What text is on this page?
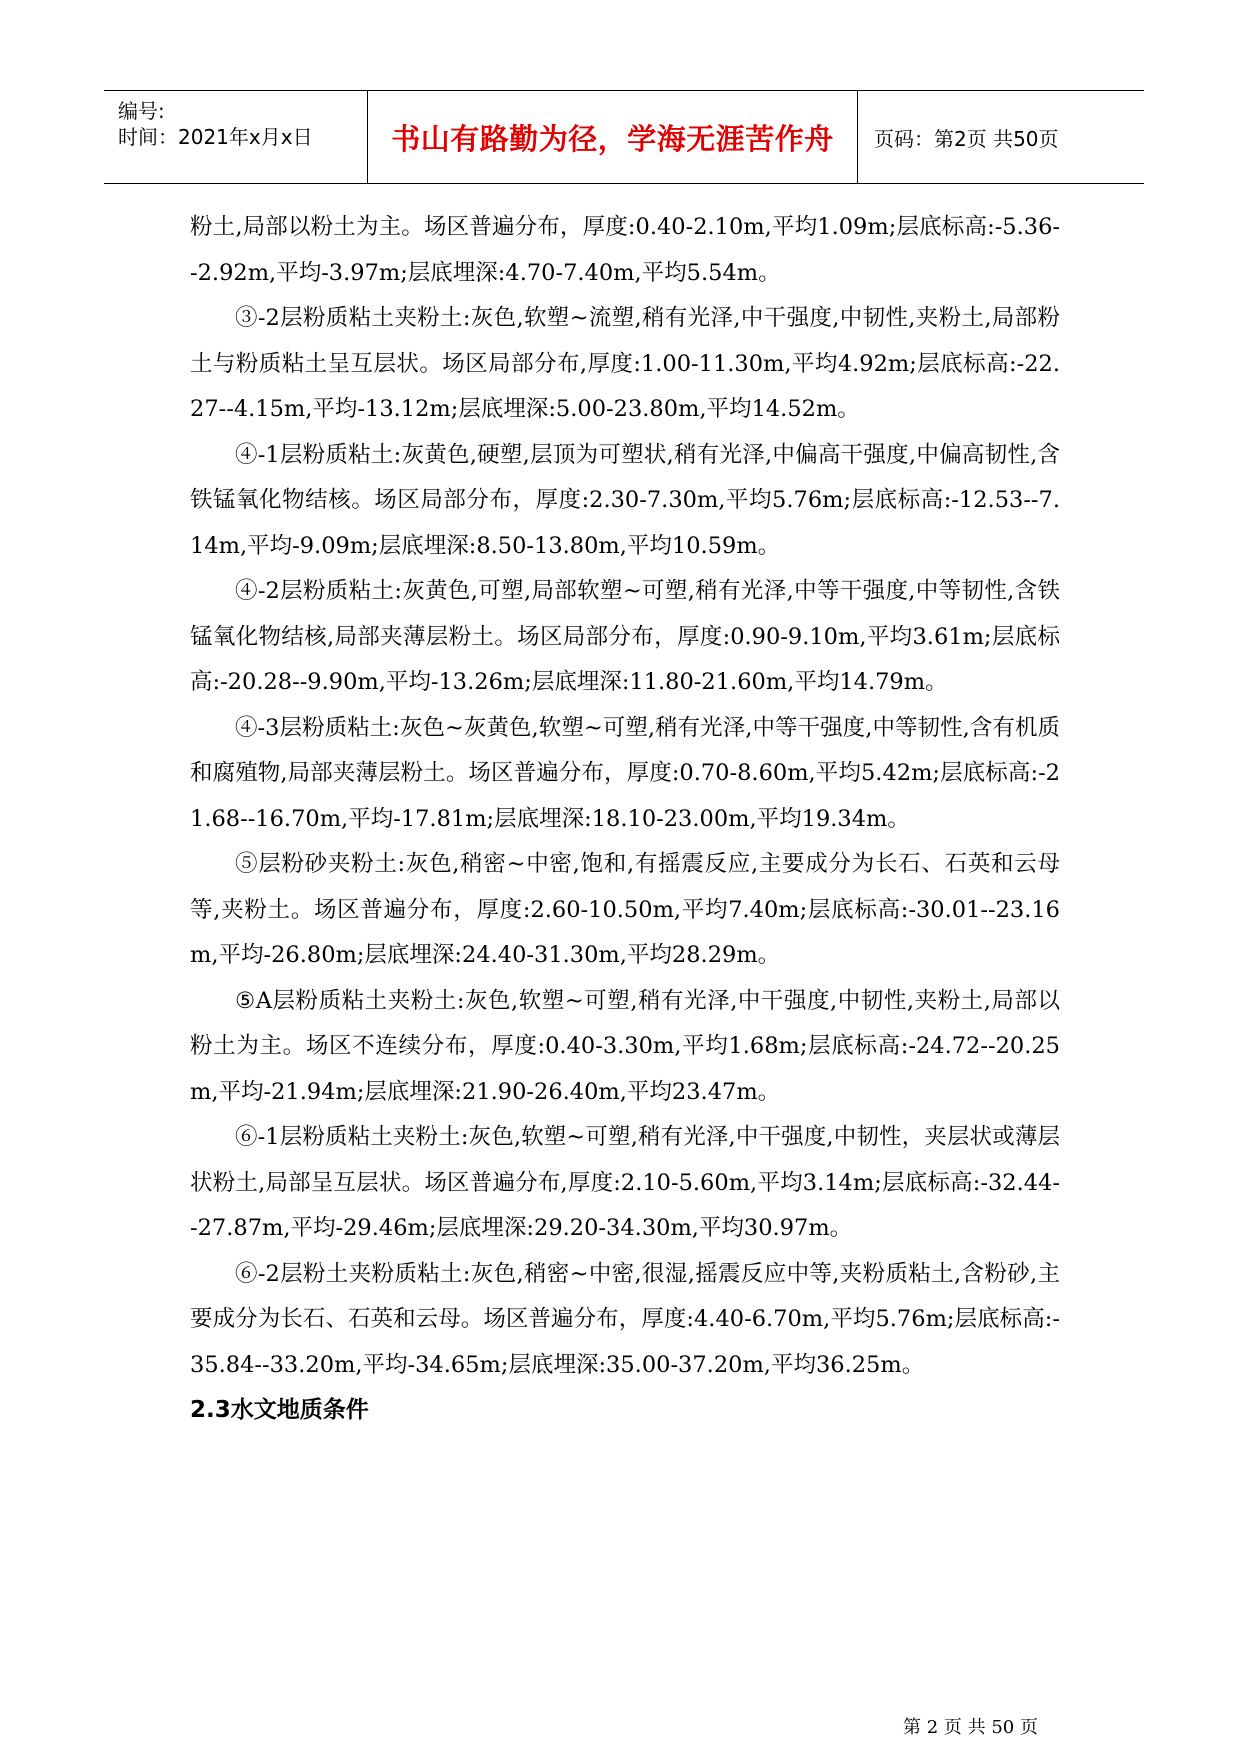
编号:
时间：2021年x月x日	书山有路勤为径，学海无涯苦作舟	页码：第2页 共50页

粉土,局部以粉土为主。场区普遍分布，厚度:0.40-2.10m,平均1.09m;层底标高:-5.36--2.92m,平均-3.97m;层底埋深:4.70-7.40m,平均5.54m。

③-2层粉质粘土夹粉土:灰色,软塑~流塑,稍有光泽,中干强度,中韧性,夹粉土,局部粉土与粉质粘土呈互层状。场区局部分布,厚度:1.00-11.30m,平均4.92m;层底标高:-22.27--4.15m,平均-13.12m;层底埋深:5.00-23.80m,平均14.52m。

④-1层粉质粘土:灰黄色,硬塑,层顶为可塑状,稍有光泽,中偏高干强度,中偏高韧性,含铁锰氧化物结核。场区局部分布，厚度:2.30-7.30m,平均5.76m;层底标高:-12.53--7.14m,平均-9.09m;层底埋深:8.50-13.80m,平均10.59m。

④-2层粉质粘土:灰黄色,可塑,局部软塑~可塑,稍有光泽,中等干强度,中等韧性,含铁锰氧化物结核,局部夹薄层粉土。场区局部分布，厚度:0.90-9.10m,平均3.61m;层底标高:-20.28--9.90m,平均-13.26m;层底埋深:11.80-21.60m,平均14.79m。

④-3层粉质粘土:灰色~灰黄色,软塑~可塑,稍有光泽,中等干强度,中等韧性,含有机质和腐殖物,局部夹薄层粉土。场区普遍分布，厚度:0.70-8.60m,平均5.42m;层底标高:-21.68--16.70m,平均-17.81m;层底埋深:18.10-23.00m,平均19.34m。

⑤层粉砂夹粉土:灰色,稍密~中密,饱和,有摇震反应,主要成分为长石、石英和云母等,夹粉土。场区普遍分布，厚度:2.60-10.50m,平均7.40m;层底标高:-30.01--23.16m,平均-26.80m;层底埋深:24.40-31.30m,平均28.29m。

⑤A层粉质粘土夹粉土:灰色,软塑~可塑,稍有光泽,中干强度,中韧性,夹粉土,局部以粉土为主。场区不连续分布，厚度:0.40-3.30m,平均1.68m;层底标高:-24.72--20.25m,平均-21.94m;层底埋深:21.90-26.40m,平均23.47m。

⑥-1层粉质粘土夹粉土:灰色,软塑~可塑,稍有光泽,中干强度,中韧性，夹层状或薄层状粉土,局部呈互层状。场区普遍分布,厚度:2.10-5.60m,平均3.14m;层底标高:-32.44--27.87m,平均-29.46m;层底埋深:29.20-34.30m,平均30.97m。

⑥-2层粉土夹粉质粘土:灰色,稍密~中密,很湿,摇震反应中等,夹粉质粘土,含粉砂,主要成分为长石、石英和云母。场区普遍分布，厚度:4.40-6.70m,平均5.76m;层底标高:-35.84--33.20m,平均-34.65m;层底埋深:35.00-37.20m,平均36.25m。

2.3水文地质条件

第 2 页 共 50 页
